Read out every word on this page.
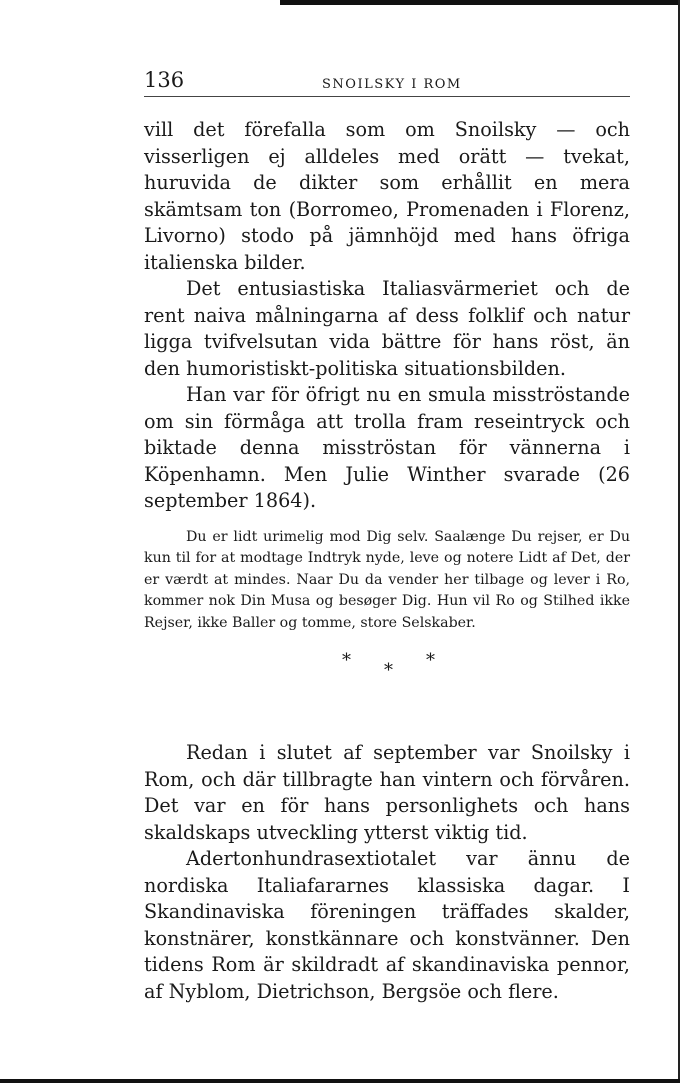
136	SNOILSKY I ROM

vill det förefalla som om Snoilsky — och visserligen ej alldeles med orätt — tvekat, huruvida de dikter som erhållit en mera skämtsam ton (Borromeo, Promenaden i Florenz, Livorno) stodo på jämnhöjd med hans öfriga italienska bilder.

Det entusiastiska Italiasvärmeriet och de rent naiva målningarna af dess folklif och natur ligga tvifvelsutan vida bättre för hans röst, än den humoristiskt-politiska situationsbilden.

Han var för öfrigt nu en smula misströstande om sin förmåga att trolla fram reseintryck och biktade denna misströstan för vännerna i Köpenhamn. Men Julie Winther svarade (26 september 1864).

Du er lidt urimelig mod Dig selv. Saalænge Du rejser, er Du kun til for at modtage Indtryk nyde, leve og notere Lidt af Det, der er værdt at mindes. Naar Du da vender her tilbage og lever i Ro, kommer nok Din Musa og besøger Dig. Hun vil Ro og Stilhed ikke Rejser, ikke Baller og tomme, store Selskaber.

*	*
*

Redan i slutet af september var Snoilsky i Rom, och där tillbragte han vintern och förvåren. Det var en för hans personlighets och hans skaldskaps utveckling ytterst viktig tid.

Adertonhundrasextiotalet var ännu de nordiska Italiafararnes klassiska dagar. I Skandinaviska föreningen träffades skalder, konstnärer, konstkännare och konstvänner. Den tidens Rom är skildradt af skandinaviska pennor, af Nyblom, Dietrichson, Bergsöe och flere.
